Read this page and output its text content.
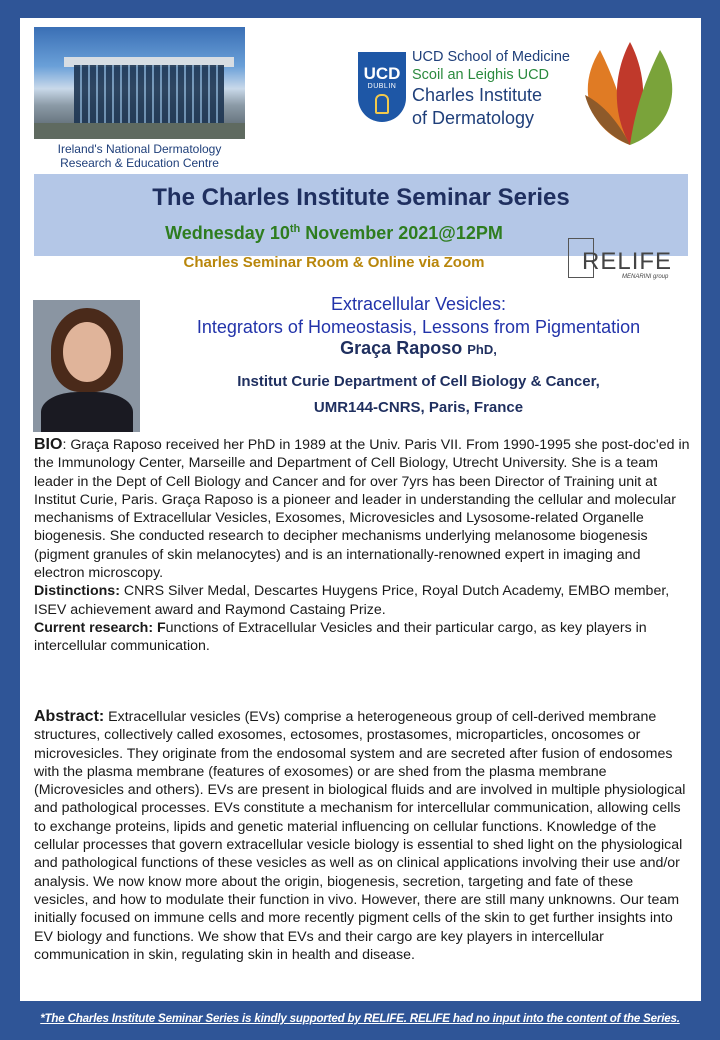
Ireland's National Dermatology
Research & Education Centre
UCD
DUBLIN
UCD School of Medicine
Scoil an Leighis UCD
Charles Institute
of Dermatology
The Charles Institute Seminar Series
Wednesday 10th November 2021@12PM
Charles Seminar Room & Online via Zoom	RELIFE
MENARINI group
Extracellular Vesicles:
Integrators of Homeostasis, Lessons from Pigmentation
Graça Raposo PhD,
Institut Curie Department of Cell Biology & Cancer,
UMR144-CNRS, Paris, France

BIO: Graça Raposo received her PhD in 1989 at the Univ. Paris VII. From 1990-1995 she post-doc'ed in the Immunology Center, Marseille and Department of Cell Biology, Utrecht University. She is a team leader in the Dept of Cell Biology and Cancer and for over 7yrs has been Director of Training unit at Institut Curie, Paris. Graça Raposo is a pioneer and leader in understanding the cellular and molecular mechanisms of Extracellular Vesicles, Exosomes, Microvesicles and Lysosome-related Organelle biogenesis. She conducted research to decipher mechanisms underlying melanosome biogenesis (pigment granules of skin melanocytes) and is an internationally-renowned expert in imaging and electron microscopy.

Distinctions: CNRS Silver Medal, Descartes Huygens Price, Royal Dutch Academy, EMBO member, ISEV achievement award and Raymond Castaing Prize.

Current research: Functions of Extracellular Vesicles and their particular cargo, as key players in intercellular communication.

Abstract: Extracellular vesicles (EVs) comprise a heterogeneous group of cell-derived membrane structures, collectively called exosomes, ectosomes, prostasomes, microparticles, oncosomes or microvesicles. They originate from the endosomal system and are secreted after fusion of endosomes with the plasma membrane (features of exosomes) or are shed from the plasma membrane (Microvesicles and others). EVs are present in biological fluids and are involved in multiple physiological and pathological processes. EVs constitute a mechanism for intercellular communication, allowing cells to exchange proteins, lipids and genetic material influencing on cellular functions. Knowledge of the cellular processes that govern extracellular vesicle biology is essential to shed light on the physiological and pathological functions of these vesicles as well as on clinical applications involving their use and/or analysis. We now know more about the origin, biogenesis, secretion, targeting and fate of these vesicles, and how to modulate their function in vivo. However, there are still many unknowns. Our team initially focused on immune cells and more recently pigment cells of the skin to get further insights into EV biology and functions. We show that EVs and their cargo are key players in intercellular communication in skin, regulating skin in health and disease.
*The Charles Institute Seminar Series is kindly supported by RELIFE. RELIFE had no input into the content of the Series.
